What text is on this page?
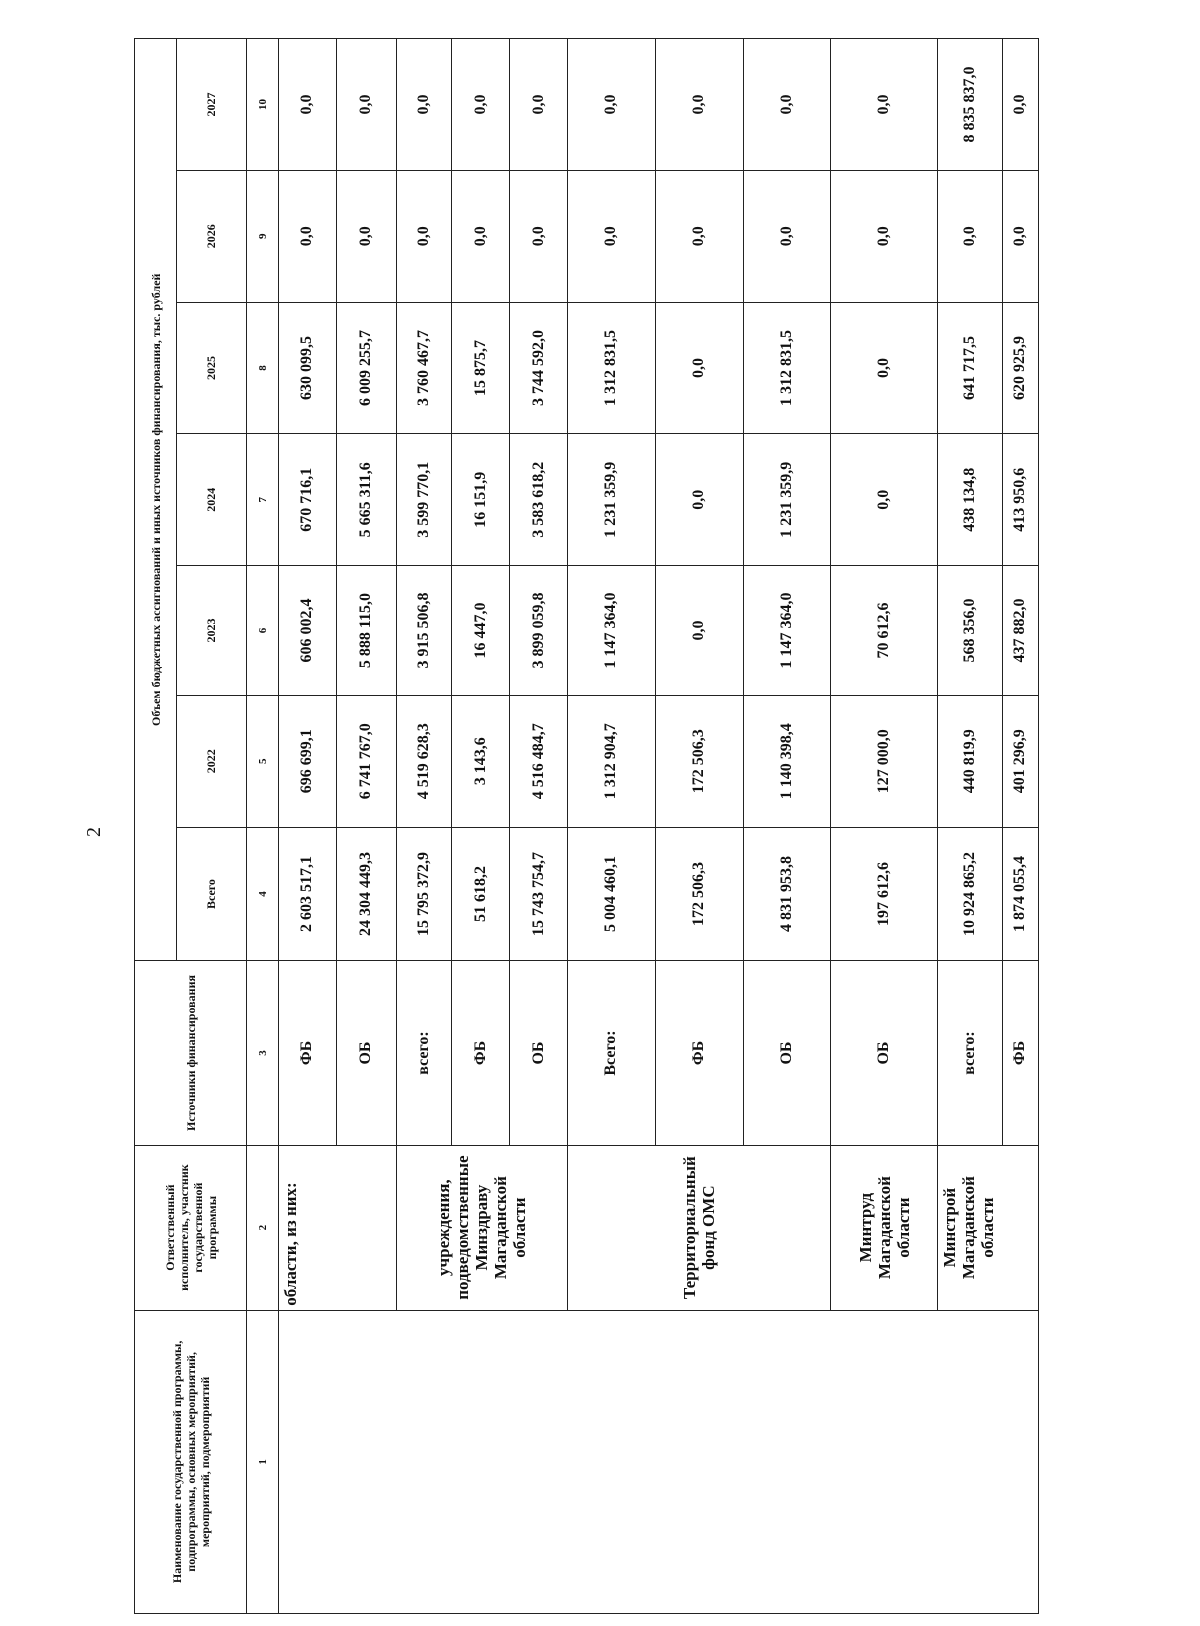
2
Наименование государственной программы, подпрограммы, основных мероприятий, мероприятий, подмероприятий	Ответственный исполнитель, участник государственной программы	Источники финансирования	Объем бюджетных ассигнований и иных источников финансирования, тыс. рублей						
			Всего	2022	2023	2024	2025	2026	2027
1	2	3	4	5	6	7	8	9	10
	области, из них:	ФБ	2 603 517,1	696 699,1	606 002,4	670 716,1	630 099,5	0,0	0,0
		ОБ	24 304 449,3	6 741 767,0	5 888 115,0	5 665 311,6	6 009 255,7	0,0	0,0
	учреждения, подведомственные Минздраву Магаданской области	всего:	15 795 372,9	4 519 628,3	3 915 506,8	3 599 770,1	3 760 467,7	0,0	0,0
		ФБ	51 618,2	3 143,6	16 447,0	16 151,9	15 875,7	0,0	0,0
		ОБ	15 743 754,7	4 516 484,7	3 899 059,8	3 583 618,2	3 744 592,0	0,0	0,0
	Территориальный фонд ОМС	Всего:	5 004 460,1	1 312 904,7	1 147 364,0	1 231 359,9	1 312 831,5	0,0	0,0
		ФБ	172 506,3	172 506,3	0,0	0,0	0,0	0,0	0,0
		ОБ	4 831 953,8	1 140 398,4	1 147 364,0	1 231 359,9	1 312 831,5	0,0	0,0
	Минтруд Магаданской области	ОБ	197 612,6	127 000,0	70 612,6	0,0	0,0	0,0	0,0
	Минстрой Магаданской области	всего:	10 924 865,2	440 819,9	568 356,0	438 134,8	641 717,5	0,0	8 835 837,0
		ФБ	1 874 055,4	401 296,9	437 882,0	413 950,6	620 925,9	0,0	0,0
